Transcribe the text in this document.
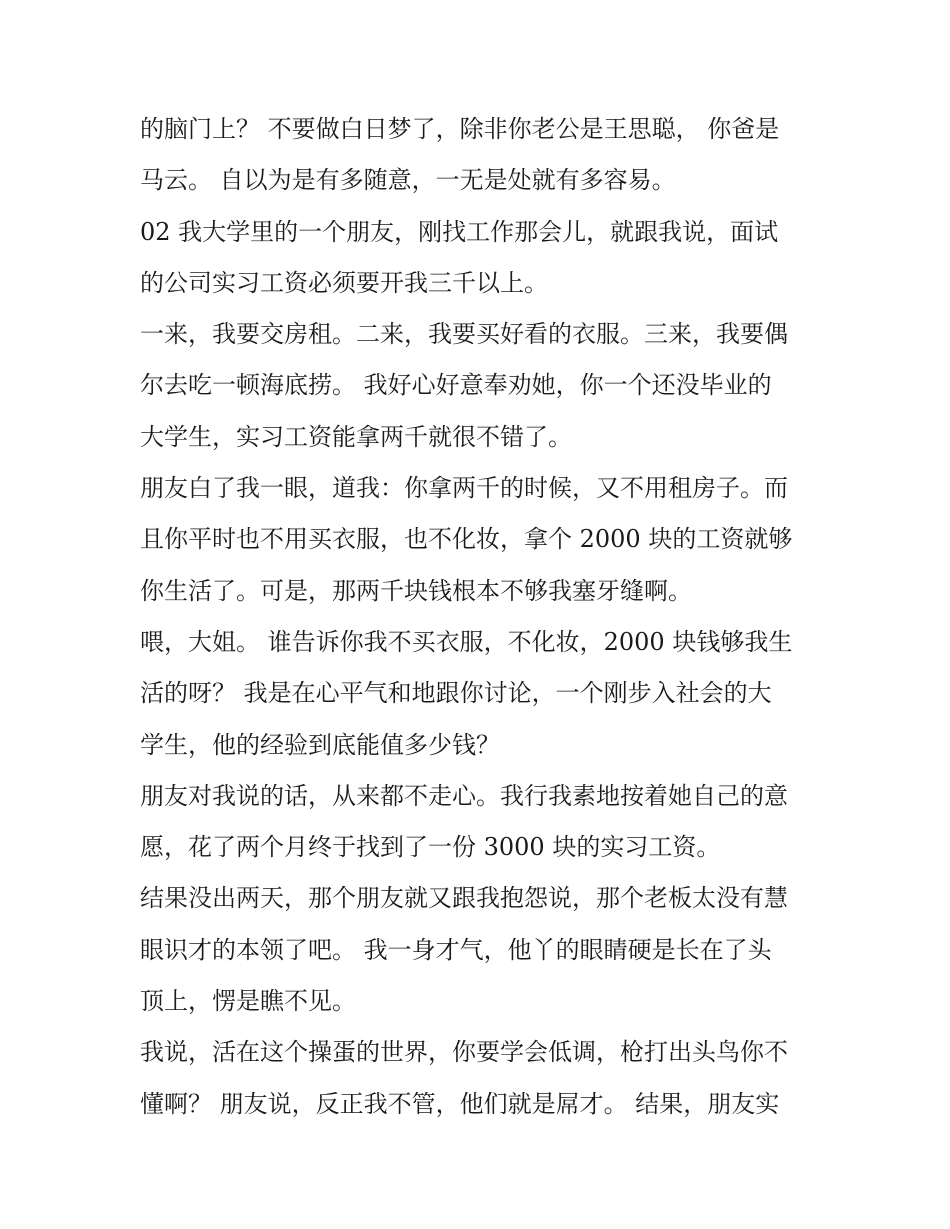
的脑门上？ 不要做白日梦了，除非你老公是王思聪， 你爸是
马云。 自以为是有多随意，一无是处就有多容易。
02 我大学里的一个朋友，刚找工作那会儿，就跟我说，面试
的公司实习工资必须要开我三千以上。
一来，我要交房租。二来，我要买好看的衣服。三来，我要偶
尔去吃一顿海底捞。 我好心好意奉劝她，你一个还没毕业的
大学生，实习工资能拿两千就很不错了。
朋友白了我一眼，道我：你拿两千的时候，又不用租房子。而
且你平时也不用买衣服，也不化妆，拿个 2000 块的工资就够
你生活了。可是，那两千块钱根本不够我塞牙缝啊。
喂，大姐。 谁告诉你我不买衣服，不化妆，2000 块钱够我生
活的呀？ 我是在心平气和地跟你讨论，一个刚步入社会的大
学生，他的经验到底能值多少钱？
朋友对我说的话，从来都不走心。我行我素地按着她自己的意
愿，花了两个月终于找到了一份 3000 块的实习工资。
结果没出两天，那个朋友就又跟我抱怨说，那个老板太没有慧
眼识才的本领了吧。 我一身才气，他丫的眼睛硬是长在了头
顶上，愣是瞧不见。
我说，活在这个操蛋的世界，你要学会低调，枪打出头鸟你不
懂啊？ 朋友说，反正我不管，他们就是屌才。 结果，朋友实
